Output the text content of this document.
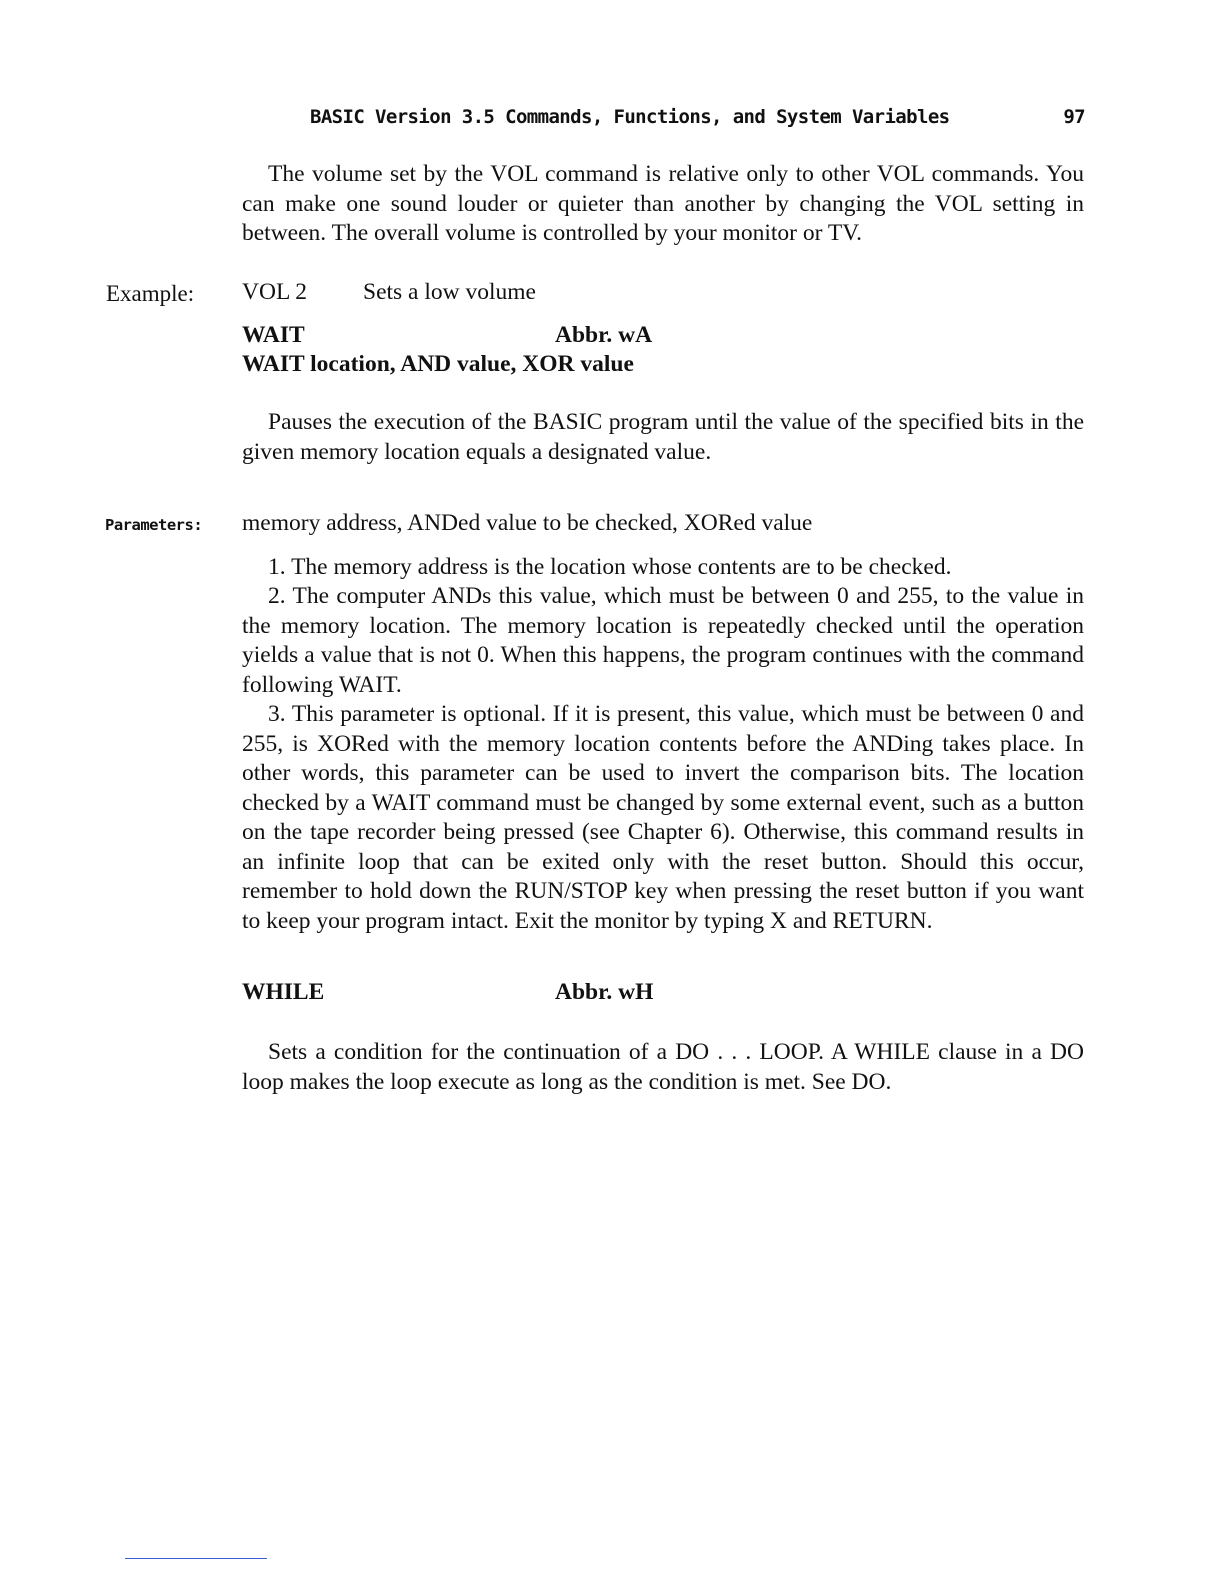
BASIC Version 3.5 Commands, Functions, and System Variables	97
The volume set by the VOL command is relative only to other VOL commands. You can make one sound louder or quieter than another by changing the VOL setting in between. The overall volume is controlled by your monitor or TV.
Example: VOL 2 Sets a low volume
WAIT	Abbr. wA
WAIT location, AND value, XOR value
Pauses the execution of the BASIC program until the value of the specified bits in the given memory location equals a designated value.
Parameters: memory address, ANDed value to be checked, XORed value
1. The memory address is the location whose contents are to be checked.
2. The computer ANDs this value, which must be between 0 and 255, to the value in the memory location. The memory location is repeatedly checked until the operation yields a value that is not 0. When this happens, the program continues with the command following WAIT.
3. This parameter is optional. If it is present, this value, which must be between 0 and 255, is XORed with the memory location contents before the ANDing takes place. In other words, this parameter can be used to invert the comparison bits. The location checked by a WAIT command must be changed by some external event, such as a button on the tape recorder being pressed (see Chapter 6). Otherwise, this command results in an infinite loop that can be exited only with the reset button. Should this occur, remember to hold down the RUN/STOP key when pressing the reset button if you want to keep your program intact. Exit the monitor by typing X and RETURN.
WHILE	Abbr. wH
Sets a condition for the continuation of a DO . . . LOOP. A WHILE clause in a DO loop makes the loop execute as long as the condition is met. See DO.
